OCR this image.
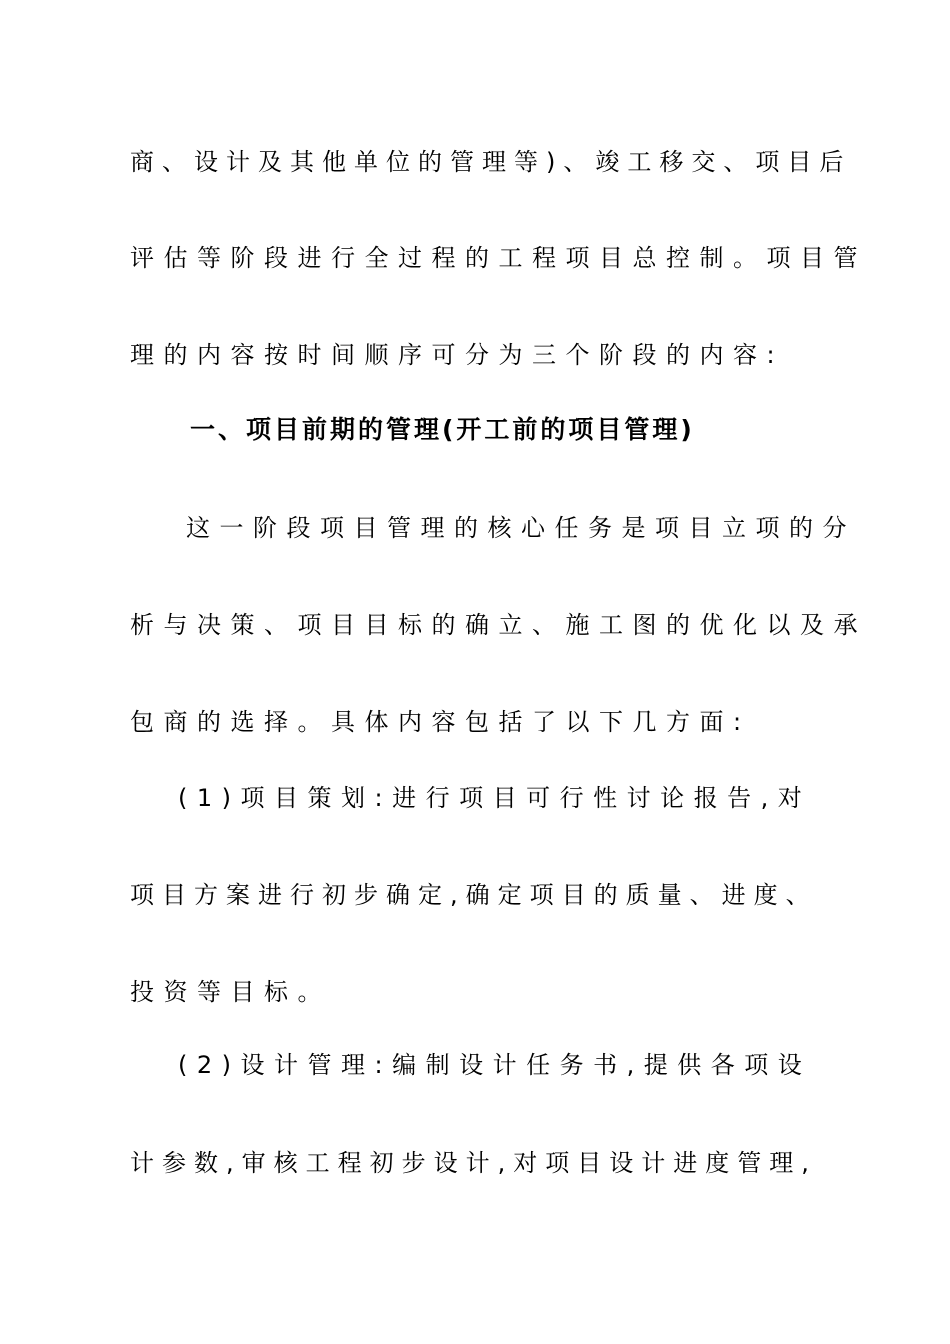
商、设计及其他单位的管理等)、竣工移交、项目后
评估等阶段进行全过程的工程项目总控制。项目管
理的内容按时间顺序可分为三个阶段的内容:
一、项目前期的管理(开工前的项目管理)
这一阶段项目管理的核心任务是项目立项的分
析与决策、项目目标的确立、施工图的优化以及承
包商的选择。具体内容包括了以下几方面:
(1)项目策划:进行项目可行性讨论报告,对
项目方案进行初步确定,确定项目的质量、进度、
投资等目标。
(2)设计管理:编制设计任务书,提供各项设
计参数,审核工程初步设计,对项目设计进度管理,
